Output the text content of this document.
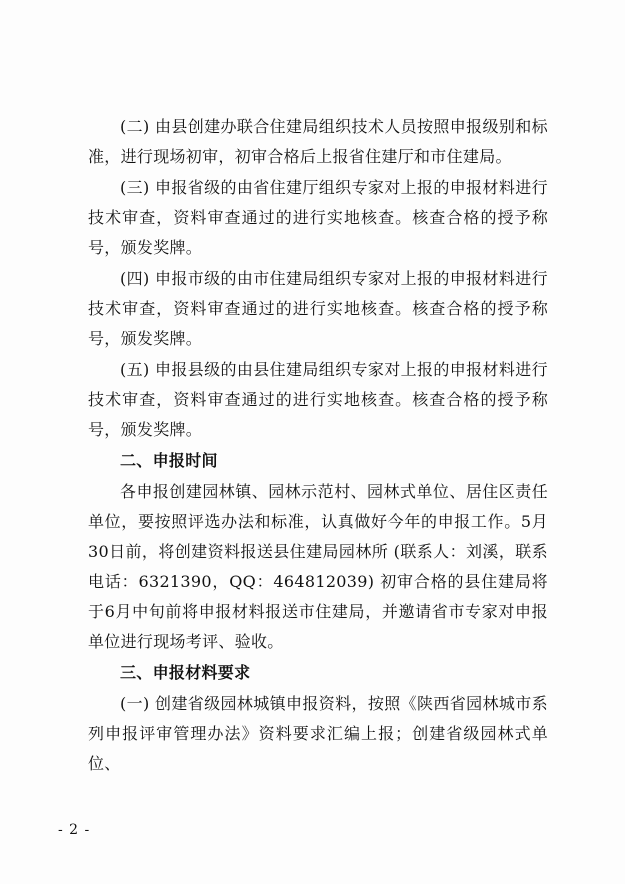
(二) 由县创建办联合住建局组织技术人员按照申报级别和标准，进行现场初审，初审合格后上报省住建厅和市住建局。

(三) 申报省级的由省住建厅组织专家对上报的申报材料进行技术审查，资料审查通过的进行实地核查。核查合格的授予称号，颁发奖牌。

(四) 申报市级的由市住建局组织专家对上报的申报材料进行技术审查，资料审查通过的进行实地核查。核查合格的授予称号，颁发奖牌。

(五) 申报县级的由县住建局组织专家对上报的申报材料进行技术审查，资料审查通过的进行实地核查。核查合格的授予称号，颁发奖牌。

二、申报时间

各申报创建园林镇、园林示范村、园林式单位、居住区责任单位，要按照评选办法和标准，认真做好今年的申报工作。5月30日前，将创建资料报送县住建局园林所 (联系人：刘溪，联系电话：6321390，QQ：464812039) 初审合格的县住建局将于6月中旬前将申报材料报送市住建局，并邀请省市专家对申报单位进行现场考评、验收。

三、申报材料要求

(一) 创建省级园林城镇申报资料，按照《陕西省园林城市系列申报评审管理办法》资料要求汇编上报；创建省级园林式单位、

- 2 -
